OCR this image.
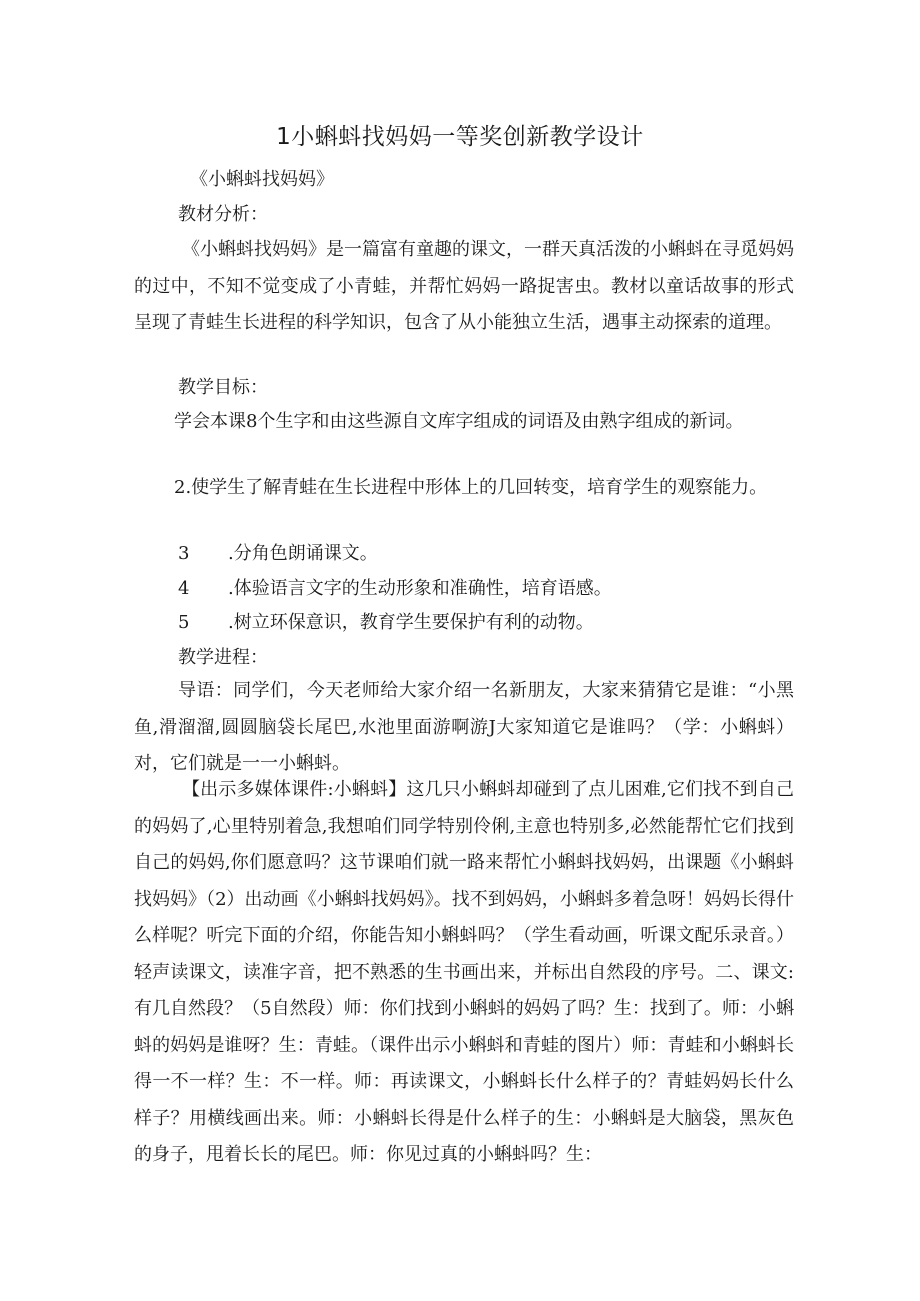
1小蝌蚪找妈妈一等奖创新教学设计

《小蝌蚪找妈妈》

教材分析：

《小蝌蚪找妈妈》是一篇富有童趣的课文，一群天真活泼的小蝌蚪在寻觅妈妈的过中，不知不觉变成了小青蛙，并帮忙妈妈一路捉害虫。教材以童话故事的形式呈现了青蛙生长进程的科学知识，包含了从小能独立生活，遇事主动探索的道理。

教学目标：

学会本课8个生字和由这些源自文库字组成的词语及由熟字组成的新词。

2.使学生了解青蛙在生长进程中形体上的几回转变，培育学生的观察能力。

3 .分角色朗诵课文。
4 .体验语言文字的生动形象和准确性，培育语感。
5 .树立环保意识，教育学生要保护有利的动物。

教学进程：

导语：同学们，今天老师给大家介绍一名新朋友，大家来猜猜它是谁：“小黑鱼,滑溜溜,圆圆脑袋长尾巴,水池里面游啊游J大家知道它是谁吗？（学：小蝌蚪）对，它们就是一一小蝌蚪。

【出示多媒体课件:小蝌蚪】这几只小蝌蚪却碰到了点儿困难,它们找不到自己的妈妈了,心里特别着急,我想咱们同学特别伶俐,主意也特别多,必然能帮忙它们找到自己的妈妈,你们愿意吗？这节课咱们就一路来帮忙小蝌蚪找妈妈，出课题《小蝌蚪找妈妈》（2）出动画《小蝌蚪找妈妈》。找不到妈妈，小蝌蚪多着急呀！妈妈长得什么样呢？听完下面的介绍，你能告知小蝌蚪吗？（学生看动画，听课文配乐录音。）轻声读课文，读准字音，把不熟悉的生书画出来，并标出自然段的序号。二、课文:有几自然段？（5自然段）师：你们找到小蝌蚪的妈妈了吗？生：找到了。师：小蝌蚪的妈妈是谁呀？生：青蛙。（课件出示小蝌蚪和青蛙的图片）师：青蛙和小蝌蚪长得一不一样？生：不一样。师：再读课文，小蝌蚪长什么样子的？青蛙妈妈长什么样子？用横线画出来。师：小蝌蚪长得是什么样子的生：小蝌蚪是大脑袋，黑灰色的身子，甩着长长的尾巴。师：你见过真的小蝌蚪吗？生：
